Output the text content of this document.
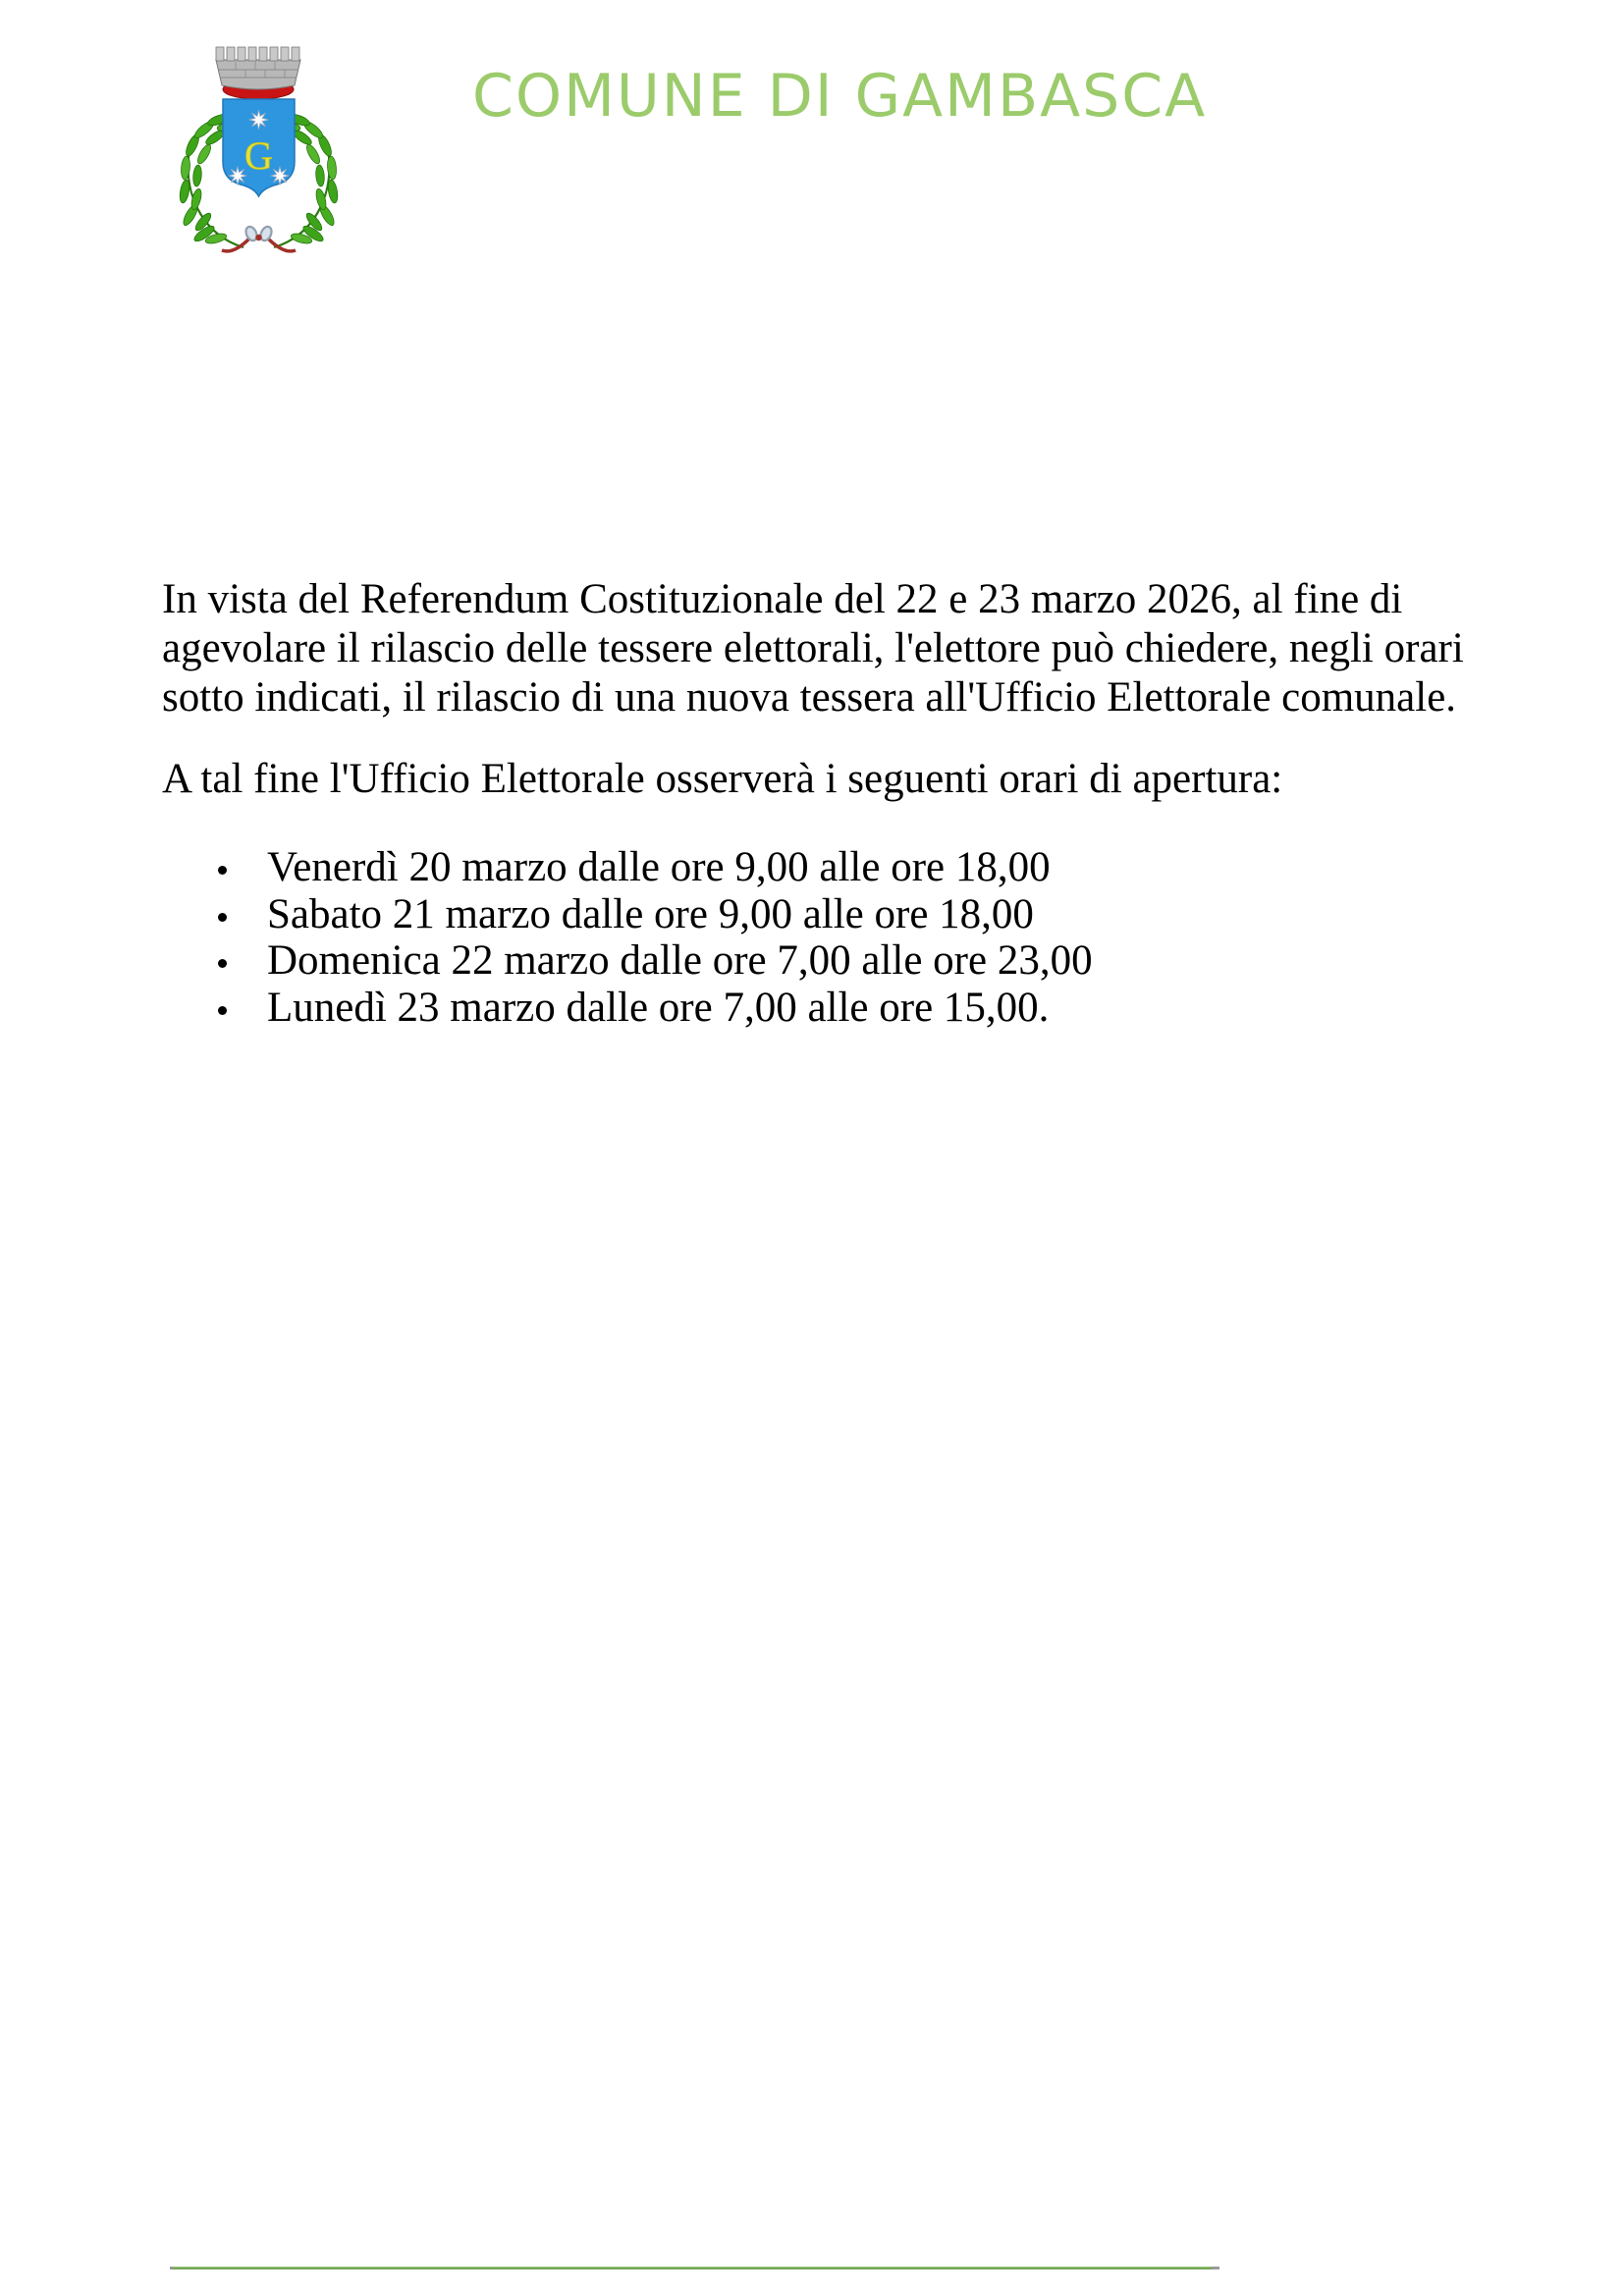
G
COMUNE DI GAMBASCA
In vista del Referendum Costituzionale del 22 e 23 marzo 2026, al fine di
agevolare il rilascio delle tessere elettorali, l'elettore può chiedere, negli orari
sotto indicati, il rilascio di una nuova tessera all'Ufficio Elettorale comunale.
A tal fine l'Ufficio Elettorale osserverà i seguenti orari di apertura:
Venerdì 20 marzo dalle ore 9,00 alle ore 18,00
Sabato 21 marzo dalle ore 9,00 alle ore 18,00
Domenica 22 marzo dalle ore 7,00 alle ore 23,00
Lunedì 23 marzo dalle ore 7,00 alle ore 15,00.
